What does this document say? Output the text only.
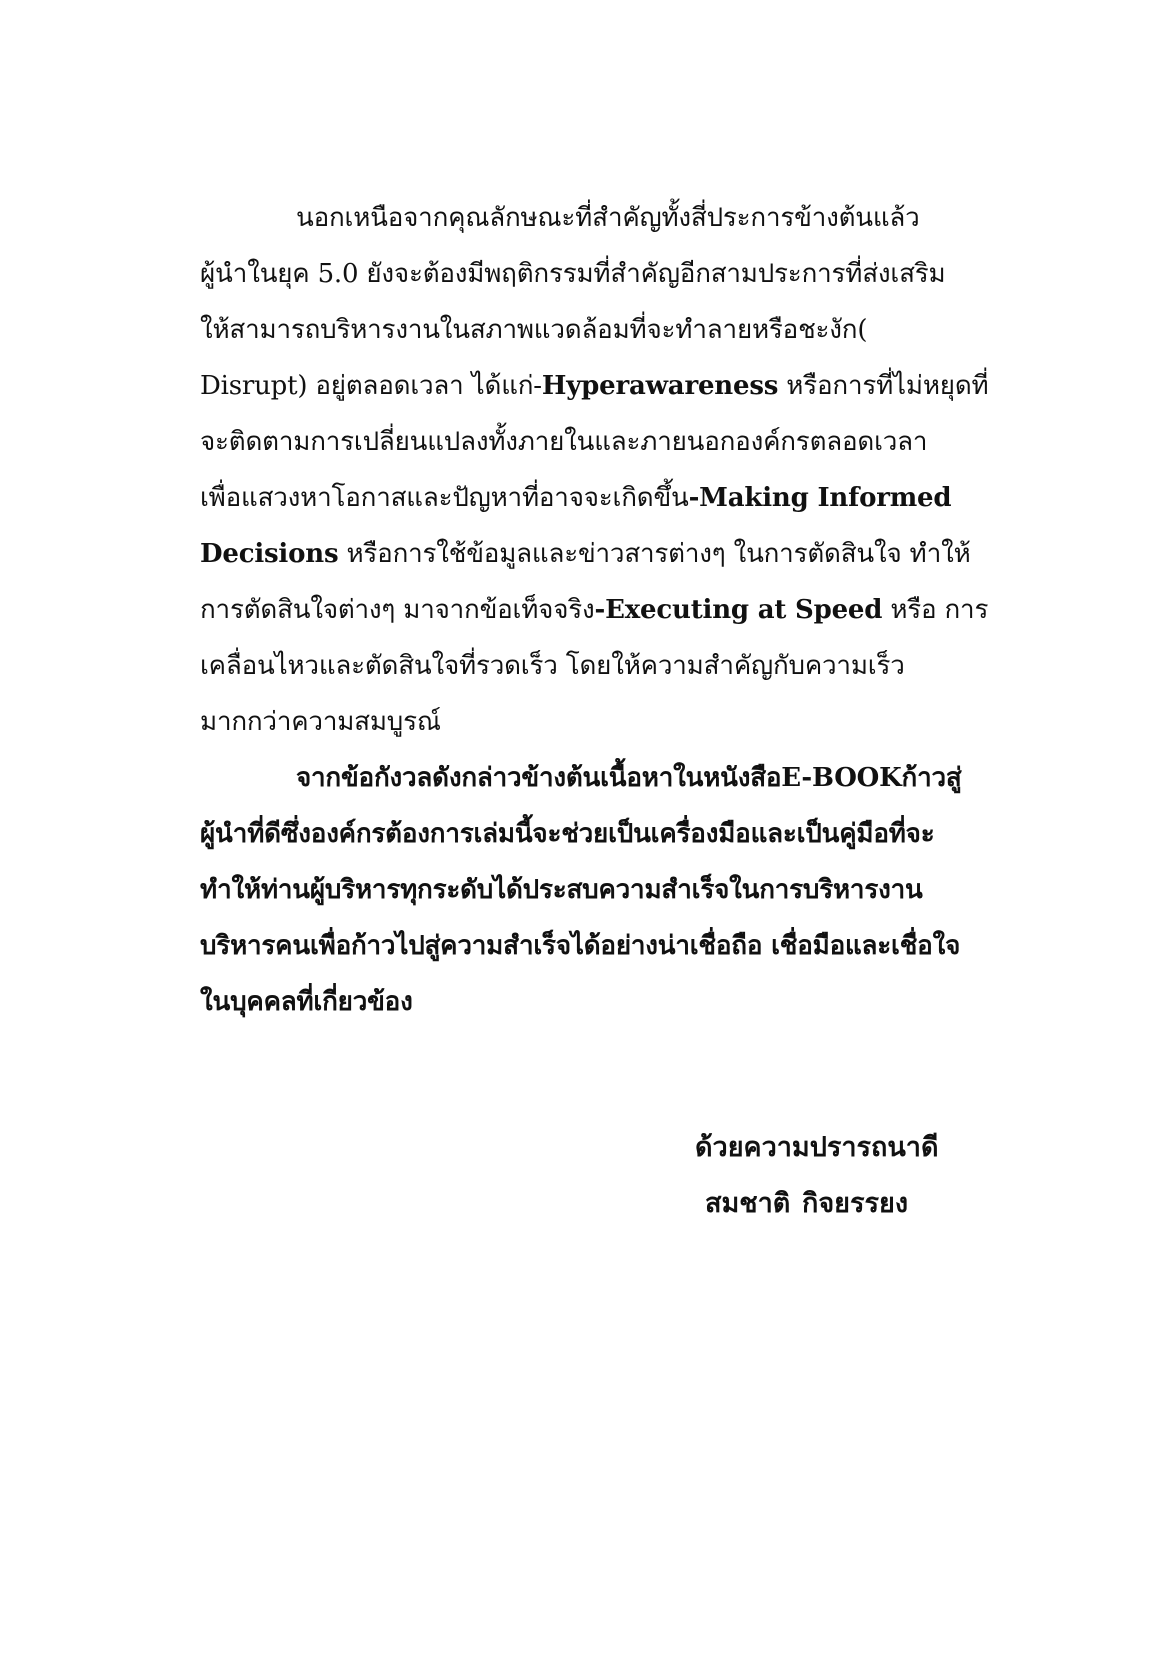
นอกเหนือจากคุณลักษณะที่สำคัญทั้งสี่ประการข้างต้นแล้ว
ผู้นำในยุค 5.0 ยังจะต้องมีพฤติกรรมที่สำคัญอีกสามประการที่ส่งเสริม
ให้สามารถบริหารงานในสภาพแวดล้อมที่จะทำลายหรือชะงัก(
Disrupt) อยู่ตลอดเวลา ได้แก่-Hyperawareness หรือการที่ไม่หยุดที่
จะติดตามการเปลี่ยนแปลงทั้งภายในและภายนอกองค์กรตลอดเวลา
เพื่อแสวงหาโอกาสและปัญหาที่อาจจะเกิดขึ้น-Making Informed
Decisions หรือการใช้ข้อมูลและข่าวสารต่างๆ ในการตัดสินใจ ทำให้
การตัดสินใจต่างๆ มาจากข้อเท็จจริง-Executing at Speed หรือ การ
เคลื่อนไหวและตัดสินใจที่รวดเร็ว โดยให้ความสำคัญกับความเร็ว
มากกว่าความสมบูรณ์
จากข้อกังวลดังกล่าวข้างต้นเนื้อหาในหนังสือE-BOOKก้าวสู่
ผู้นำที่ดีซึ่งองค์กรต้องการเล่มนี้จะช่วยเป็นเครื่องมือและเป็นคู่มือที่จะ
ทำให้ท่านผู้บริหารทุกระดับได้ประสบความสำเร็จในการบริหารงาน
บริหารคนเพื่อก้าวไปสู่ความสำเร็จได้อย่างน่าเชื่อถือ เชื่อมือและเชื่อใจ
ในบุคคลที่เกี่ยวข้อง
ด้วยความปรารถนาดี
สมชาติ กิจยรรยง
